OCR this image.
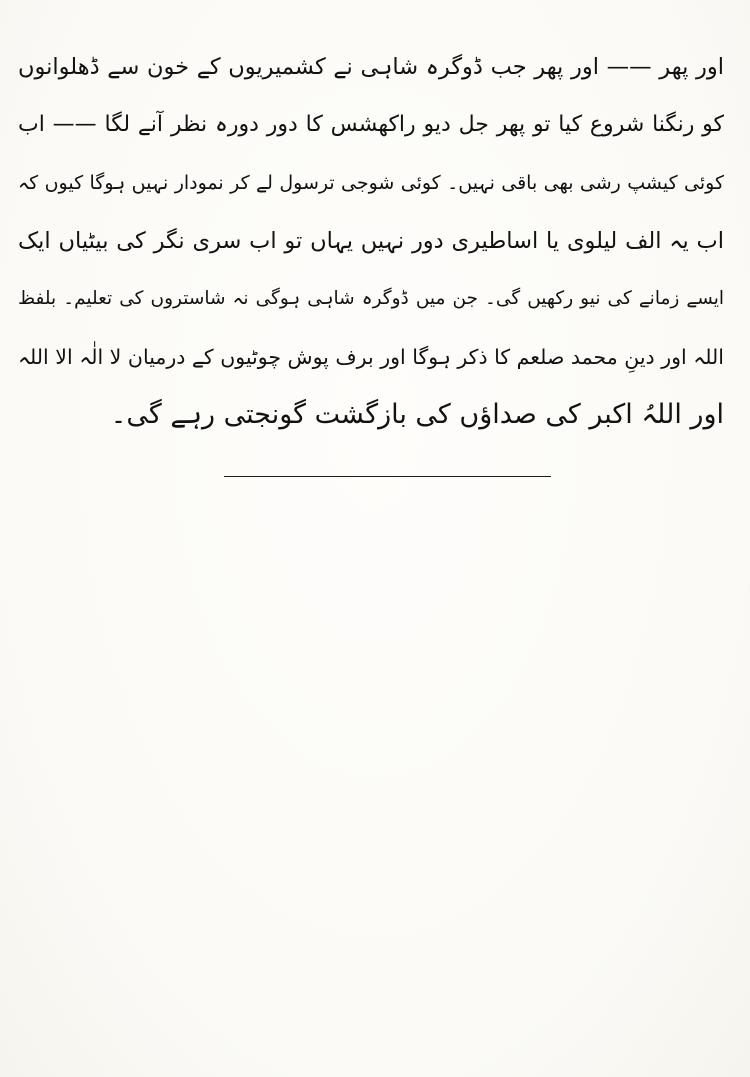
اور پھر —— اور پھر جب ڈوگرہ شاہی نے کشمیریوں کے خون سے ڈھلوانوں
کو رنگنا شروع کیا تو پھر جل دیو راکھشس کا دور دورہ نظر آنے لگا —— اب
کوئی کیشپ رشی بھی باقی نہیں۔ کوئی شوجی ترسول لے کر نمودار نہیں ہوگا کیوں کہ
اب یہ الف لیلوی یا اساطیری دور نہیں یہاں تو اب سری نگر کی بیٹیاں ایک
ایسے زمانے کی نیو رکھیں گی۔ جن میں ڈوگرہ شاہی ہوگی نہ شاستروں کی تعلیم۔ بلفظ
اللہ اور دینِ محمد صلعم کا ذکر ہوگا اور برف پوش چوٹیوں کے درمیان لا الٰہ الا اللہ
اور اللہُ اکبر کی صداؤں کی بازگشت گونجتی رہے گی۔
